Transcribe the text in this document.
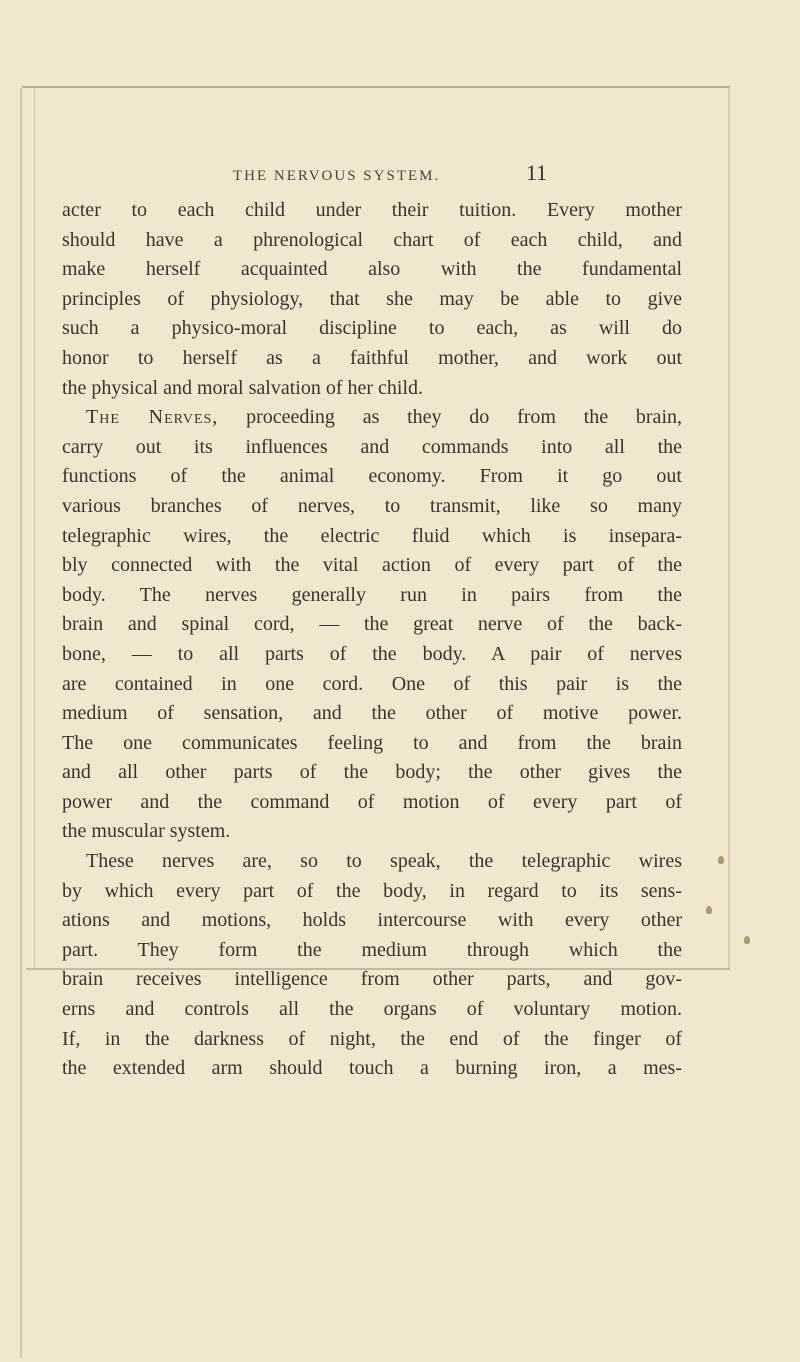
THE NERVOUS SYSTEM.	11
acter to each child under their tuition. Every mother
should have a phrenological chart of each child, and
make herself acquainted also with the fundamental
principles of physiology, that she may be able to give
such a physico-moral discipline to each, as will do
honor to herself as a faithful mother, and work out
the physical and moral salvation of her child.
The Nerves, proceeding as they do from the brain,
carry out its influences and commands into all the
functions of the animal economy. From it go out
various branches of nerves, to transmit, like so many
telegraphic wires, the electric fluid which is insepara-
bly connected with the vital action of every part of the
body. The nerves generally run in pairs from the
brain and spinal cord, — the great nerve of the back-
bone, — to all parts of the body. A pair of nerves
are contained in one cord. One of this pair is the
medium of sensation, and the other of motive power.
The one communicates feeling to and from the brain
and all other parts of the body; the other gives the
power and the command of motion of every part of
the muscular system.
These nerves are, so to speak, the telegraphic wires
by which every part of the body, in regard to its sens-
ations and motions, holds intercourse with every other
part. They form the medium through which the
brain receives intelligence from other parts, and gov-
erns and controls all the organs of voluntary motion.
If, in the darkness of night, the end of the finger of
the extended arm should touch a burning iron, a mes-
